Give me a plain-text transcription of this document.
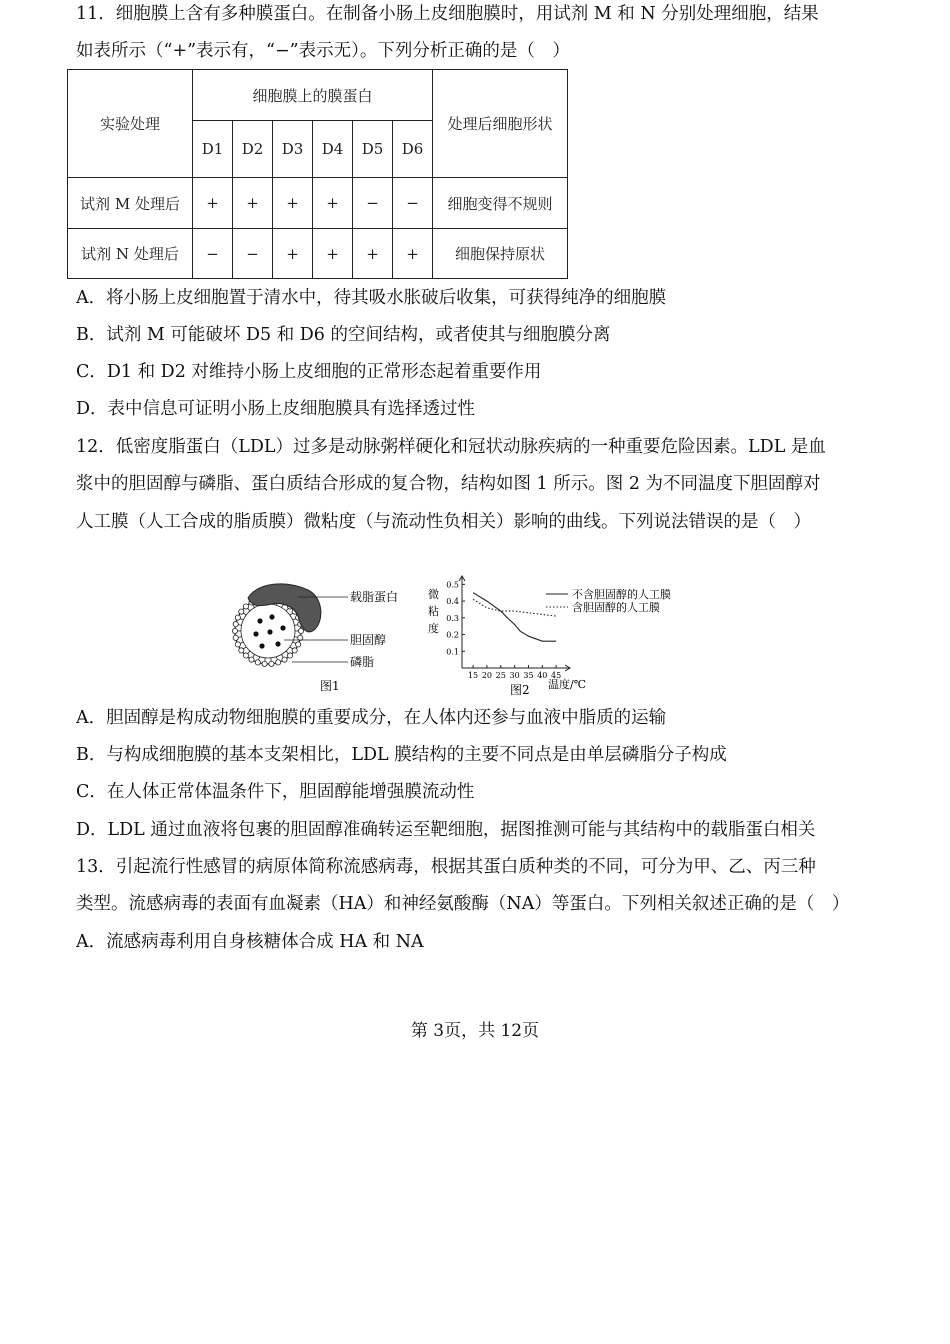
11．细胞膜上含有多种膜蛋白。在制备小肠上皮细胞膜时，用试剂 M 和 N 分别处理细胞，结果
如表所示（“+”表示有，“−”表示无）。下列分析正确的是（　）
实验处理	细胞膜上的膜蛋白						处理后细胞形状
	D1	D2	D3	D4	D5	D6	
试剂 M 处理后	+	+	+	+	−	−	细胞变得不规则
试剂 N 处理后	−	−	+	+	+	+	细胞保持原状
A．将小肠上皮细胞置于清水中，待其吸水胀破后收集，可获得纯净的细胞膜
B．试剂 M 可能破坏 D5 和 D6 的空间结构，或者使其与细胞膜分离
C．D1 和 D2 对维持小肠上皮细胞的正常形态起着重要作用
D．表中信息可证明小肠上皮细胞膜具有选择透过性
12．低密度脂蛋白（LDL）过多是动脉粥样硬化和冠状动脉疾病的一种重要危险因素。LDL 是血
浆中的胆固醇与磷脂、蛋白质结合形成的复合物，结构如图 1 所示。图 2 为不同温度下胆固醇对
人工膜（人工合成的脂质膜）微粘度（与流动性负相关）影响的曲线。下列说法错误的是（　）
载脂蛋白
胆固醇
磷脂
图1
微
粘
度
不含胆固醇的人工膜
含胆固醇的人工膜
温度/℃
图2
0.1
0.2
0.3
0.4
0.5
15 20 25 30 35 40 45
A．胆固醇是构成动物细胞膜的重要成分，在人体内还参与血液中脂质的运输
B．与构成细胞膜的基本支架相比，LDL 膜结构的主要不同点是由单层磷脂分子构成
C．在人体正常体温条件下，胆固醇能增强膜流动性
D．LDL 通过血液将包裹的胆固醇准确转运至靶细胞，据图推测可能与其结构中的载脂蛋白相关
13．引起流行性感冒的病原体简称流感病毒，根据其蛋白质种类的不同，可分为甲、乙、丙三种
类型。流感病毒的表面有血凝素（HA）和神经氨酸酶（NA）等蛋白。下列相关叙述正确的是（　）
A．流感病毒利用自身核糖体合成 HA 和 NA
第 3页，共 12页
